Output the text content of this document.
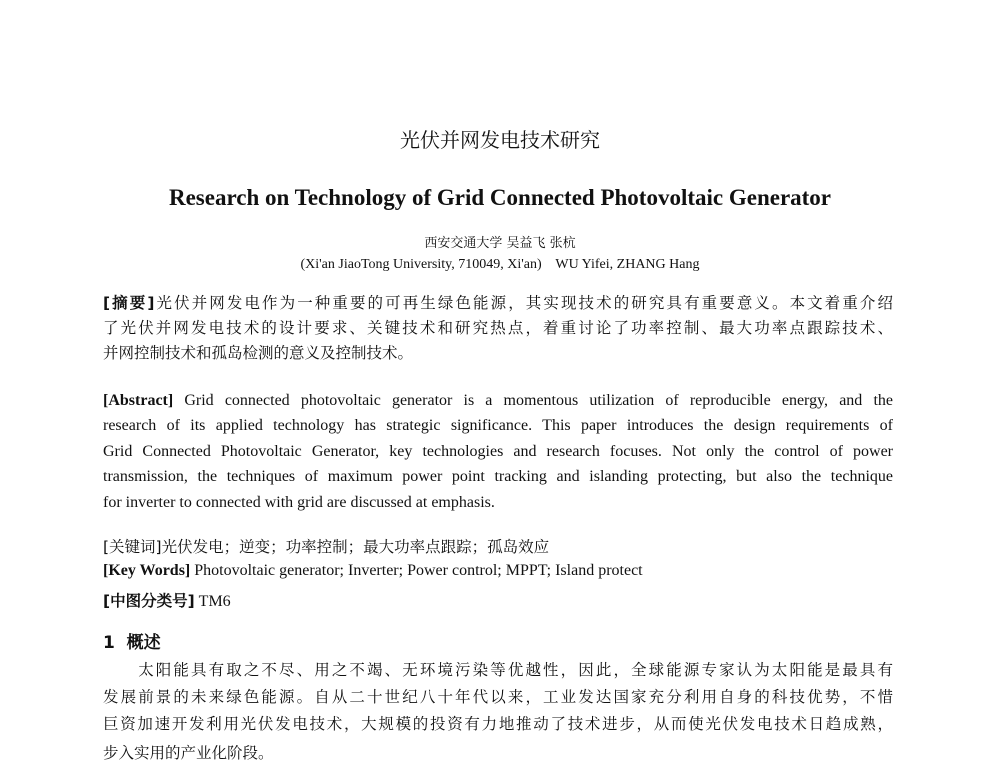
光伏并网发电技术研究
Research on Technology of Grid Connected Photovoltaic Generator
西安交通大学 吴益飞 张杭
(Xi'an JiaoTong University, 710049, Xi'an)    WU Yifei, ZHANG Hang
[摘要]光伏并网发电作为一种重要的可再生绿色能源，其实现技术的研究具有重要意义。本文着重介绍
了光伏并网发电技术的设计要求、关键技术和研究热点，着重讨论了功率控制、最大功率点跟踪技术、
并网控制技术和孤岛检测的意义及控制技术。
[Abstract] Grid connected photovoltaic generator is a momentous utilization of reproducible energy, and the
research of its applied technology has strategic significance. This paper introduces the design requirements of
Grid Connected Photovoltaic Generator, key technologies and research focuses. Not only the control of power
transmission, the techniques of maximum power point tracking and islanding protecting, but also the technique
for inverter to connected with grid are discussed at emphasis.
[关键词]光伏发电；逆变；功率控制；最大功率点跟踪；孤岛效应
[Key Words] Photovoltaic generator; Inverter; Power control; MPPT; Island protect
[中图分类号] TM6
1  概述
　　太阳能具有取之不尽、用之不竭、无环境污染等优越性，因此，全球能源专家认为太阳能是最具有
发展前景的未来绿色能源。自从二十世纪八十年代以来，工业发达国家充分利用自身的科技优势，不惜
巨资加速开发利用光伏发电技术，大规模的投资有力地推动了技术进步，从而使光伏发电技术日趋成熟，
步入实用的产业化阶段。
